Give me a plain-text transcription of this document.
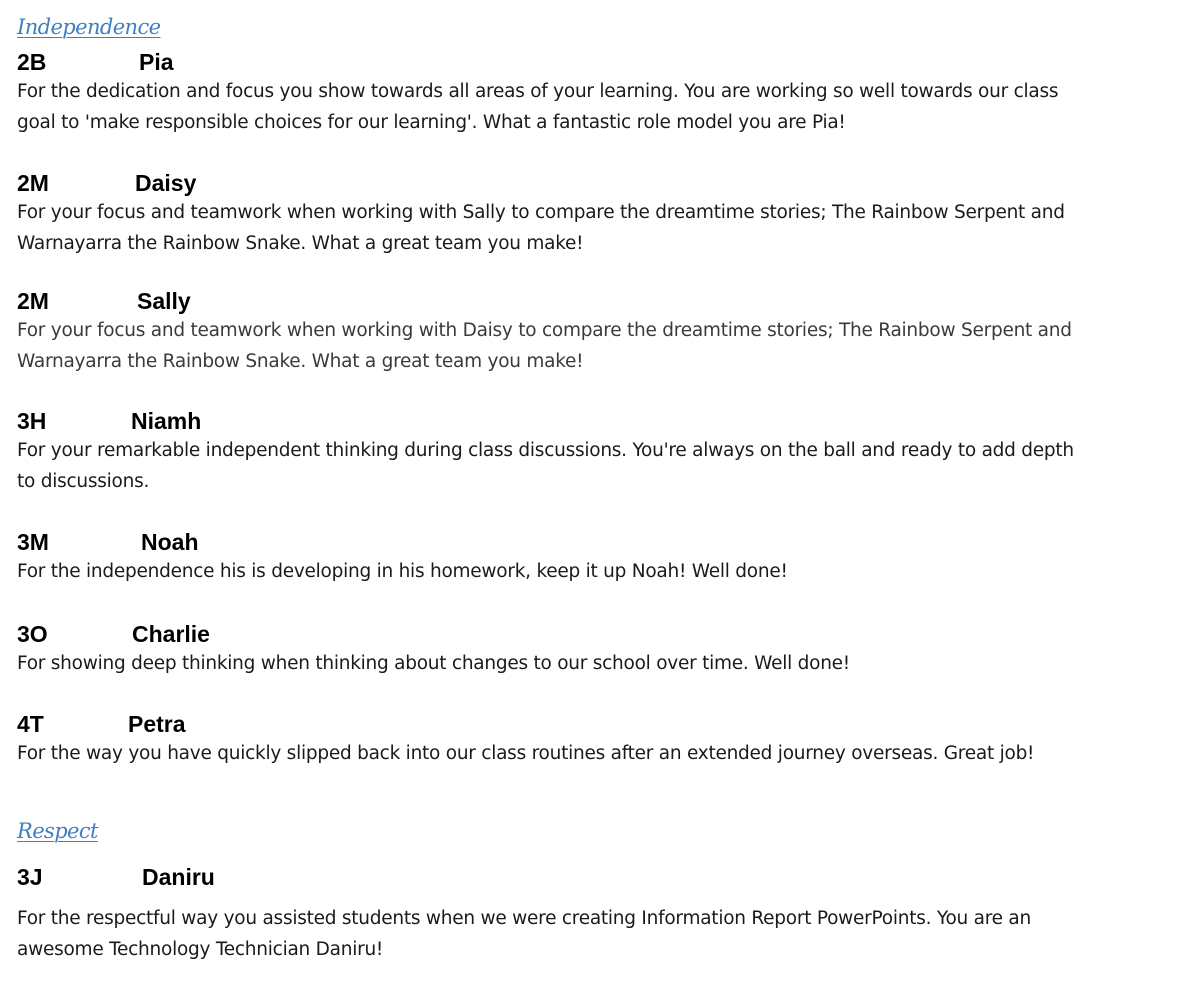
Independence
2B	Pia

For the dedication and focus you show towards all areas of your learning. You are working so well towards our class
goal to 'make responsible choices for our learning'. What a fantastic role model you are Pia!

2M	Daisy

For your focus and teamwork when working with Sally to compare the dreamtime stories; The Rainbow Serpent and
Warnayarra the Rainbow Snake. What a great team you make!

2M	Sally

For your focus and teamwork when working with Daisy to compare the dreamtime stories; The Rainbow Serpent and
Warnayarra the Rainbow Snake. What a great team you make!

3H	Niamh

For your remarkable independent thinking during class discussions. You're always on the ball and ready to add depth
to discussions.

3M	Noah

For the independence his is developing in his homework, keep it up Noah! Well done!

3O	Charlie

For showing deep thinking when thinking about changes to our school over time. Well done!

4T	Petra

For the way you have quickly slipped back into our class routines after an extended journey overseas. Great job!

Respect
3J	Daniru

For the respectful way you assisted students when we were creating Information Report PowerPoints. You are an
awesome Technology Technician Daniru!
